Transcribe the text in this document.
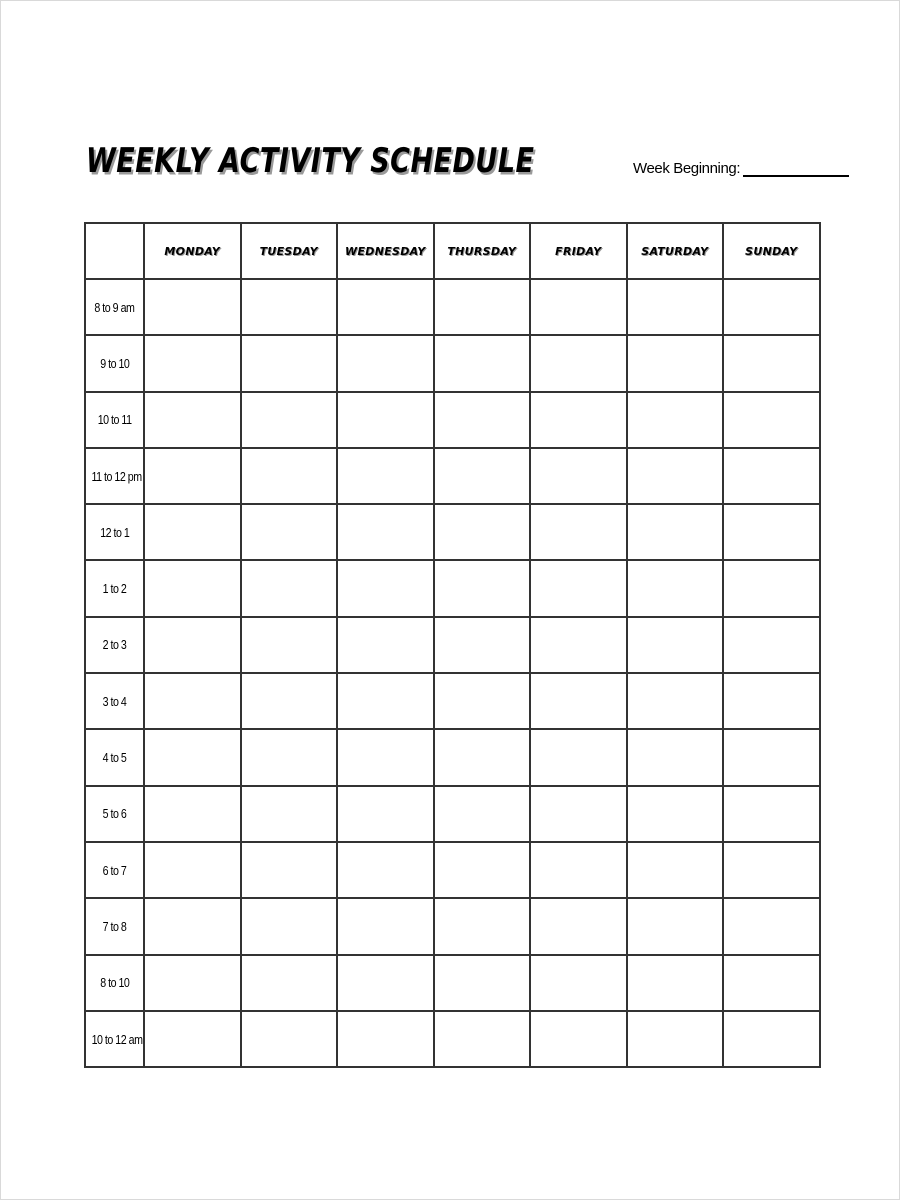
WEEKLY ACTIVITY SCHEDULE	Week Beginning:
	MONDAY	TUESDAY	WEDNESDAY	THURSDAY	FRIDAY	SATURDAY	SUNDAY
8 to 9 am							
9 to 10							
10 to 11							
11 to 12 pm							
12 to 1							
1 to 2							
2 to 3							
3 to 4							
4 to 5							
5 to 6							
6 to 7							
7 to 8							
8 to 10							
10 to 12 am							
